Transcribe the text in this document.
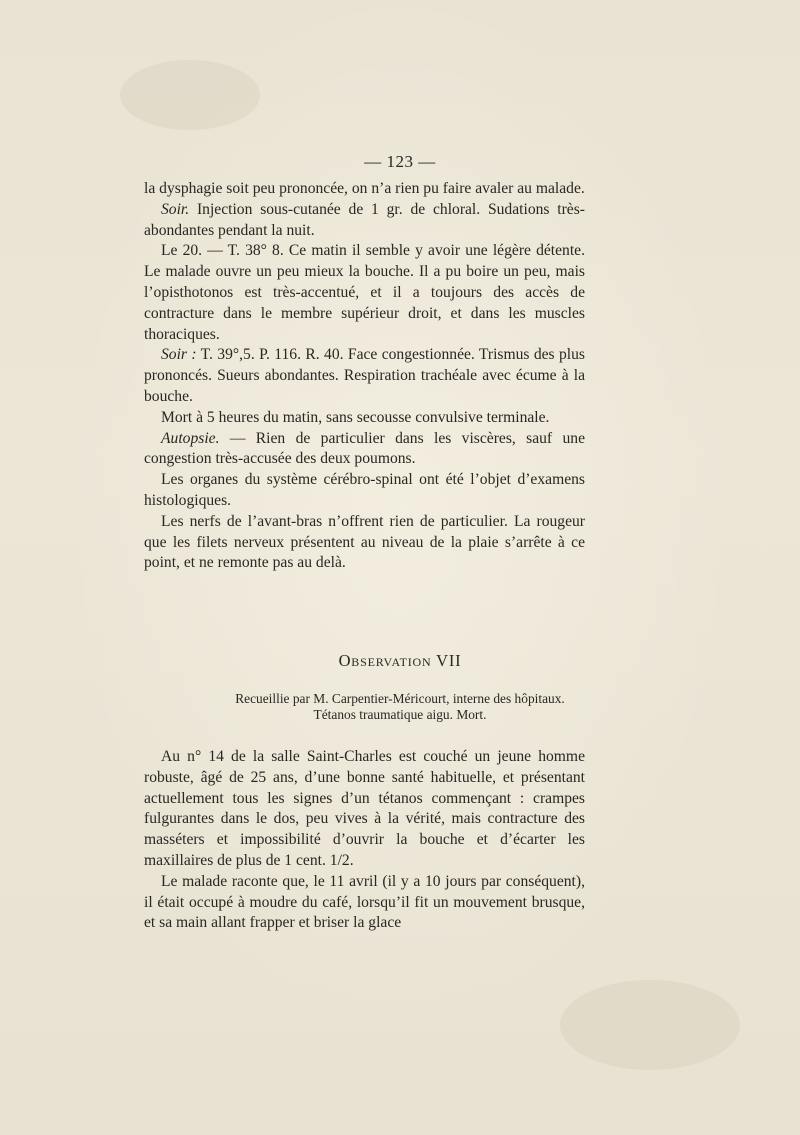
— 123 —

la dysphagie soit peu prononcée, on n’a rien pu faire avaler au malade.

Soir. Injection sous-cutanée de 1 gr. de chloral. Sudations très-abondantes pendant la nuit.

Le 20. — T. 38° 8. Ce matin il semble y avoir une légère détente. Le malade ouvre un peu mieux la bouche. Il a pu boire un peu, mais l’opisthotonos est très-accentué, et il a toujours des accès de contracture dans le membre supérieur droit, et dans les muscles thoraciques.

Soir : T. 39°,5. P. 116. R. 40. Face congestionnée. Trismus des plus prononcés. Sueurs abondantes. Respiration trachéale avec écume à la bouche.

Mort à 5 heures du matin, sans secousse convulsive terminale.

Autopsie. — Rien de particulier dans les viscères, sauf une congestion très-accusée des deux poumons.

Les organes du système cérébro-spinal ont été l’objet d’examens histologiques.

Les nerfs de l’avant-bras n’offrent rien de particulier. La rougeur que les filets nerveux présentent au niveau de la plaie s’arrête à ce point, et ne remonte pas au delà.

Observation VII
Recueillie par M. Carpentier-Méricourt, interne des hôpitaux.
Tétanos traumatique aigu. Mort.

Au n° 14 de la salle Saint-Charles est couché un jeune homme robuste, âgé de 25 ans, d’une bonne santé habituelle, et présentant actuellement tous les signes d’un tétanos commençant : crampes fulgurantes dans le dos, peu vives à la vérité, mais contracture des masséters et impossibilité d’ouvrir la bouche et d’écarter les maxillaires de plus de 1 cent. 1/2.

Le malade raconte que, le 11 avril (il y a 10 jours par conséquent), il était occupé à moudre du café, lorsqu’il fit un mouvement brusque, et sa main allant frapper et briser la glace
